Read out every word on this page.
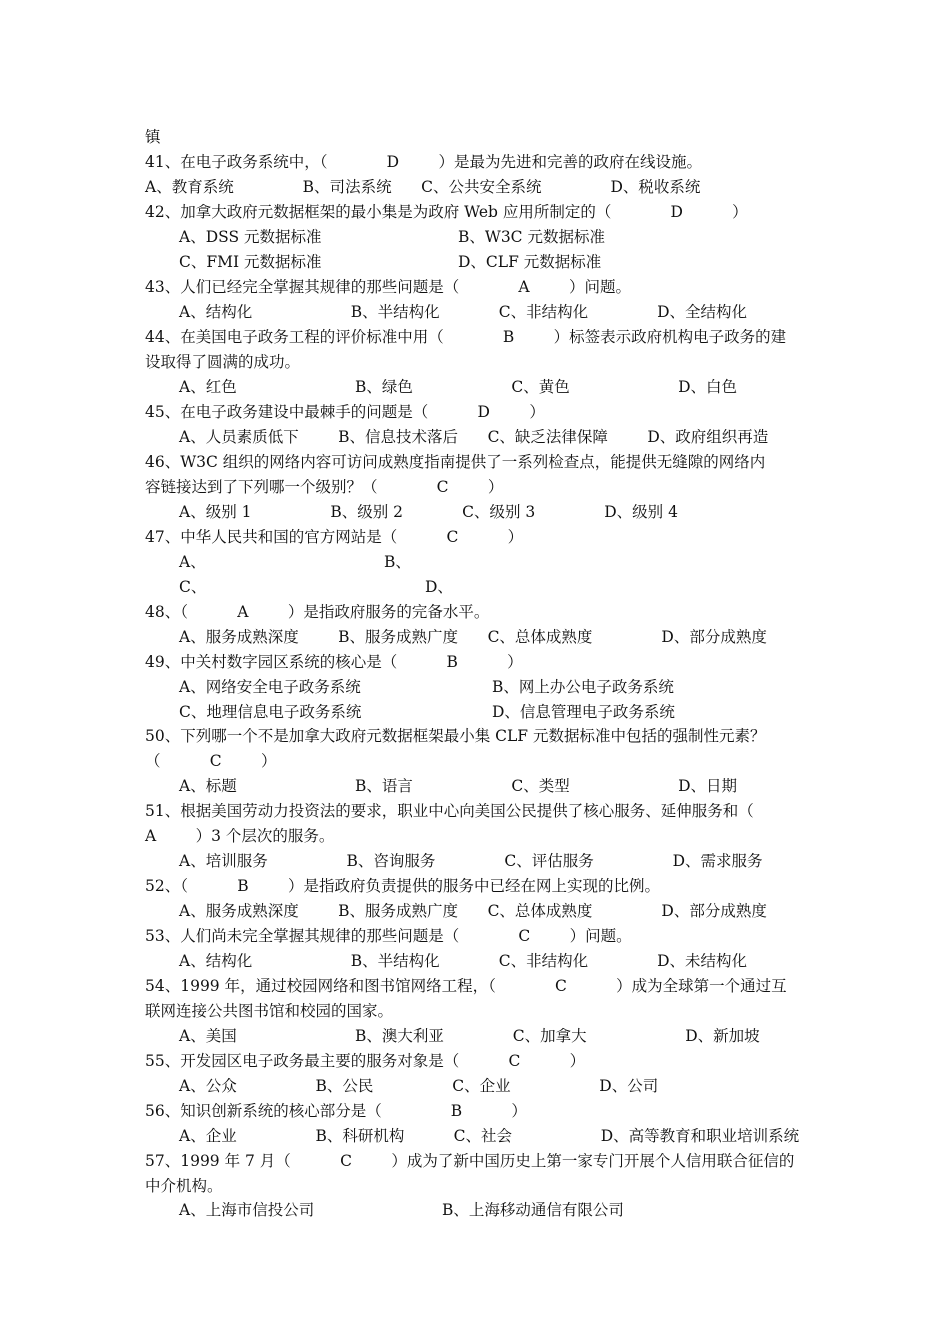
镇
41、在电子政务系统中，（            D        ）是最为先进和完善的政府在线设施。
A、教育系统              B、司法系统      C、公共安全系统              D、税收系统
42、加拿大政府元数据框架的最小集是为政府 Web 应用所制定的（            D          ）
A、DSS 元数据标准	B、W3C 元数据标准
C、FMI 元数据标准	D、CLF 元数据标准
43、人们已经完全掌握其规律的那些问题是（            A        ）问题。
A、结构化                    B、半结构化            C、非结构化              D、全结构化
44、在美国电子政务工程的评价标准中用（            B        ）标签表示政府机构电子政务的建
设取得了圆满的成功。
A、红色                        B、绿色                    C、黄色                      D、白色
45、在电子政务建设中最棘手的问题是（          D        ）
A、人员素质低下        B、信息技术落后      C、缺乏法律保障        D、政府组织再造
46、W3C 组织的网络内容可访问成熟度指南提供了一系列检查点，能提供无缝隙的网络内
容链接达到了下列哪一个级别？（            C        ）
A、级别 1                B、级别 2            C、级别 3              D、级别 4
47、中华人民共和国的官方网站是（          C          ）
A、	B、
C、	D、
48、（          A        ）是指政府服务的完备水平。
A、服务成熟深度        B、服务成熟广度      C、总体成熟度              D、部分成熟度
49、中关村数字园区系统的核心是（          B          ）
A、网络安全电子政务系统	B、网上办公电子政务系统
C、地理信息电子政务系统	D、信息管理电子政务系统
50、下列哪一个不是加拿大政府元数据框架最小集 CLF 元数据标准中包括的强制性元素？
（          C        ）
A、标题                        B、语言                    C、类型                      D、日期
51、根据美国劳动力投资法的要求，职业中心向美国公民提供了核心服务、延伸服务和（
A        ）3 个层次的服务。
A、培训服务                B、咨询服务              C、评估服务                D、需求服务
52、（          B        ）是指政府负责提供的服务中已经在网上实现的比例。
A、服务成熟深度        B、服务成熟广度      C、总体成熟度              D、部分成熟度
53、人们尚未完全掌握其规律的那些问题是（            C        ）问题。
A、结构化                    B、半结构化            C、非结构化              D、未结构化
54、1999 年，通过校园网络和图书馆网络工程，（            C          ）成为全球第一个通过互
联网连接公共图书馆和校园的国家。
A、美国                        B、澳大利亚              C、加拿大                    D、新加坡
55、开发园区电子政务最主要的服务对象是（          C          ）
A、公众                B、公民                C、企业                  D、公司
56、知识创新系统的核心部分是（              B          ）
A、企业                B、科研机构          C、社会                  D、高等教育和职业培训系统
57、1999 年 7 月（          C        ）成为了新中国历史上第一家专门开展个人信用联合征信的
中介机构。
A、上海市信投公司	B、上海移动通信有限公司
